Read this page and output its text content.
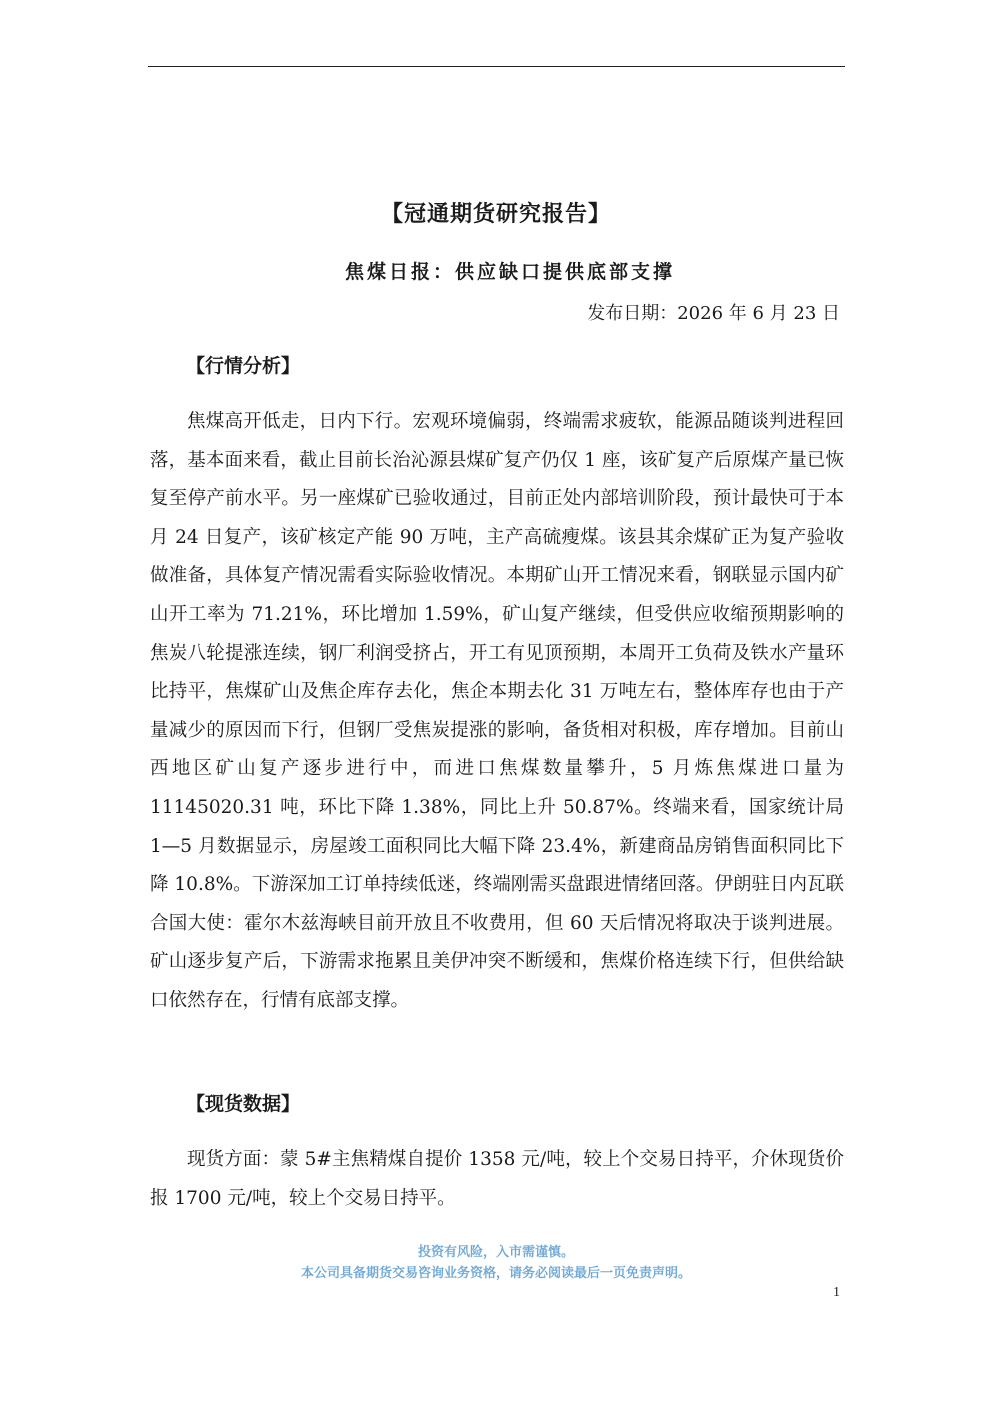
【冠通期货研究报告】
焦煤日报：供应缺口提供底部支撑
发布日期：2026 年 6 月 23 日
【行情分析】

焦煤高开低走，日内下行。宏观环境偏弱，终端需求疲软，能源品随谈判进程回落，基本面来看，截止目前长治沁源县煤矿复产仍仅 1 座，该矿复产后原煤产量已恢复至停产前水平。另一座煤矿已验收通过，目前正处内部培训阶段，预计最快可于本月 24 日复产，该矿核定产能 90 万吨，主产高硫瘦煤。该县其余煤矿正为复产验收做准备，具体复产情况需看实际验收情况。本期矿山开工情况来看，钢联显示国内矿山开工率为 71.21%，环比增加 1.59%，矿山复产继续，但受供应收缩预期影响的焦炭八轮提涨连续，钢厂利润受挤占，开工有见顶预期，本周开工负荷及铁水产量环比持平，焦煤矿山及焦企库存去化，焦企本期去化 31 万吨左右，整体库存也由于产量减少的原因而下行，但钢厂受焦炭提涨的影响，备货相对积极，库存增加。目前山西地区矿山复产逐步进行中，而进口焦煤数量攀升，5 月炼焦煤进口量为 11145020.31 吨，环比下降 1.38%，同比上升 50.87%。终端来看，国家统计局 1—5 月数据显示，房屋竣工面积同比大幅下降 23.4%，新建商品房销售面积同比下降 10.8%。下游深加工订单持续低迷，终端刚需买盘跟进情绪回落。伊朗驻日内瓦联合国大使：霍尔木兹海峡目前开放且不收费用，但 60 天后情况将取决于谈判进展。矿山逐步复产后，下游需求拖累且美伊冲突不断缓和，焦煤价格连续下行，但供给缺口依然存在，行情有底部支撑。

【现货数据】

现货方面：蒙 5#主焦精煤自提价 1358 元/吨，较上个交易日持平，介休现货价报 1700 元/吨，较上个交易日持平。

投资有风险，入市需谨慎。
本公司具备期货交易咨询业务资格，请务必阅读最后一页免责声明。
1
